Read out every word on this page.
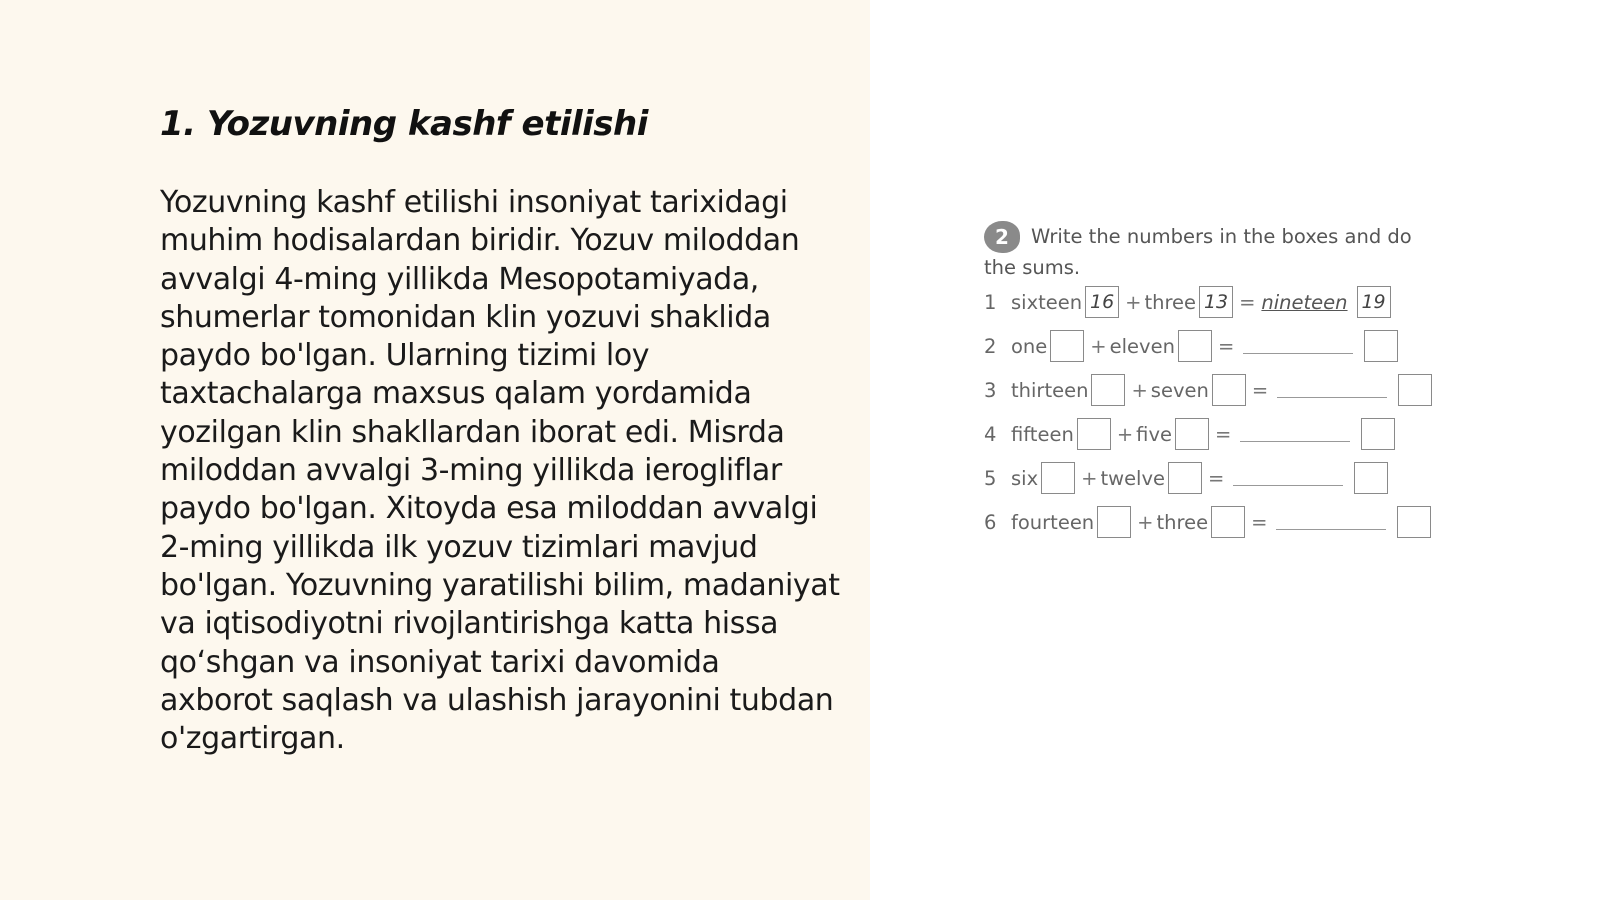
1. Yozuvning kashf etilishi

Yozuvning kashf etilishi insoniyat tarixidagi muhim hodisalardan biridir. Yozuv miloddan avvalgi 4-ming yillikda Mesopotamiyada, shumerlar tomonidan klin yozuvi shaklida paydo bo'lgan. Ularning tizimi loy taxtachalarga maxsus qalam yordamida yozilgan klin shakllardan iborat edi. Misrda miloddan avvalgi 3-ming yillikda ierogliflar paydo bo'lgan. Xitoyda esa miloddan avvalgi 2-ming yillikda ilk yozuv tizimlari mavjud bo'lgan. Yozuvning yaratilishi bilim, madaniyat va iqtisodiyotni rivojlantirishga katta hissa qo‘shgan va insoniyat tarixi davomida axborot saqlash va ulashish jarayonini tubdan o'zgartirgan.

2	Write the numbers in the boxes and do
the sums.
1 sixteen 16 + three 13 = nineteen 19
2 one + eleven =
3 thirteen + seven =
4 fifteen + five =
5 six + twelve =
6 fourteen + three =
